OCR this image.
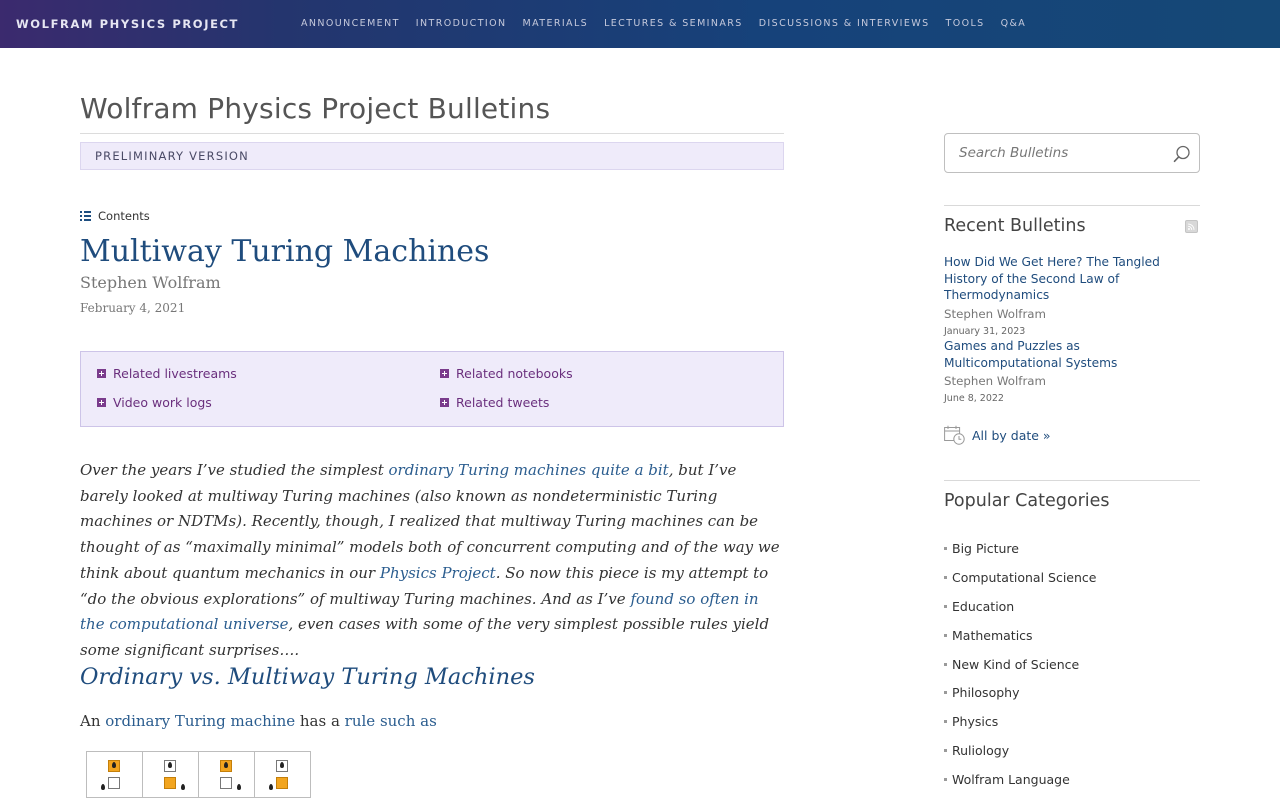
WOLFRAM PHYSICS PROJECT	ANNOUNCEMENT INTRODUCTION MATERIALS LECTURES & SEMINARS DISCUSSIONS & INTERVIEWS TOOLS Q&A
Wolfram Physics Project Bulletins
PRELIMINARY VERSION
Contents
Multiway Turing Machines
Stephen Wolfram
February 4, 2021
Related livestreams	Related notebooks
Video work logs	Related tweets

Over the years I’ve studied the simplest ordinary Turing machines quite a bit, but I’ve barely looked at multiway Turing machines (also known as nondeterministic Turing machines or NDTMs). Recently, though, I realized that multiway Turing machines can be thought of as “maximally minimal” models both of concurrent computing and of the way we think about quantum mechanics in our Physics Project. So now this piece is my attempt to “do the obvious explorations” of multiway Turing machines. And as I’ve found so often in the computational universe, even cases with some of the very simplest possible rules yield some significant surprises….

Ordinary vs. Multiway Turing Machines
An ordinary Turing machine has a rule such as
Search Bulletins
Recent Bulletins
How Did We Get Here? The Tangled History of the Second Law of Thermodynamics
Stephen Wolfram
January 31, 2023
Games and Puzzles as Multicomputational Systems
Stephen Wolfram
June 8, 2022
All by date »
Popular Categories
Big Picture
Computational Science
Education
Mathematics
New Kind of Science
Philosophy
Physics
Ruliology
Wolfram Language
